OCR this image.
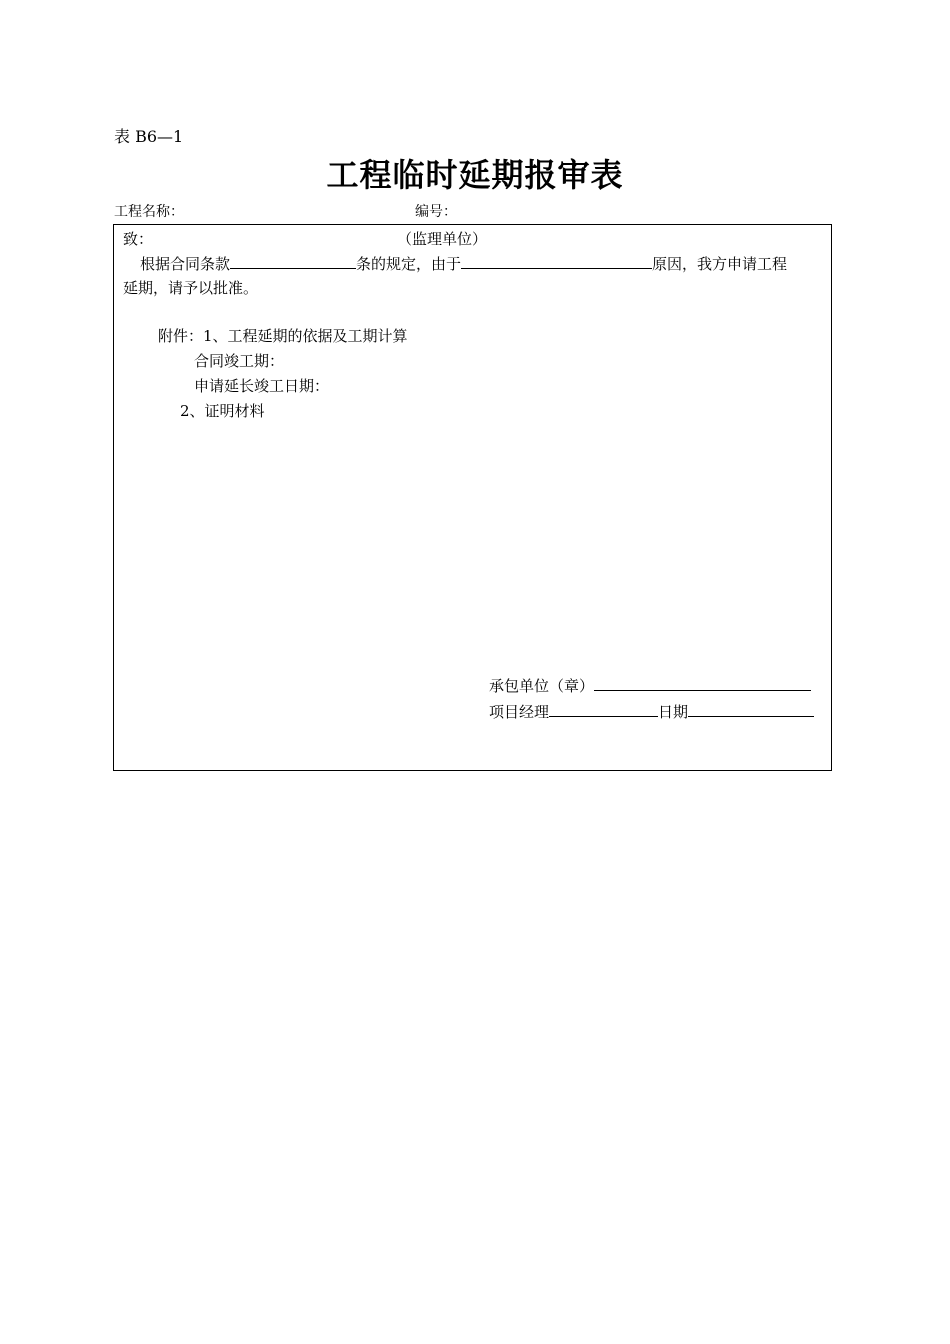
表 B6—1
工程临时延期报审表
工程名称：	编号：
致：	（监理单位）
根据合同条款	条的规定，由于	原因，我方申请工程
延期，请予以批准。
附件：1、工程延期的依据及工期计算
合同竣工期：
申请延长竣工日期：
2、证明材料
承包单位（章）
项目经理	日期
